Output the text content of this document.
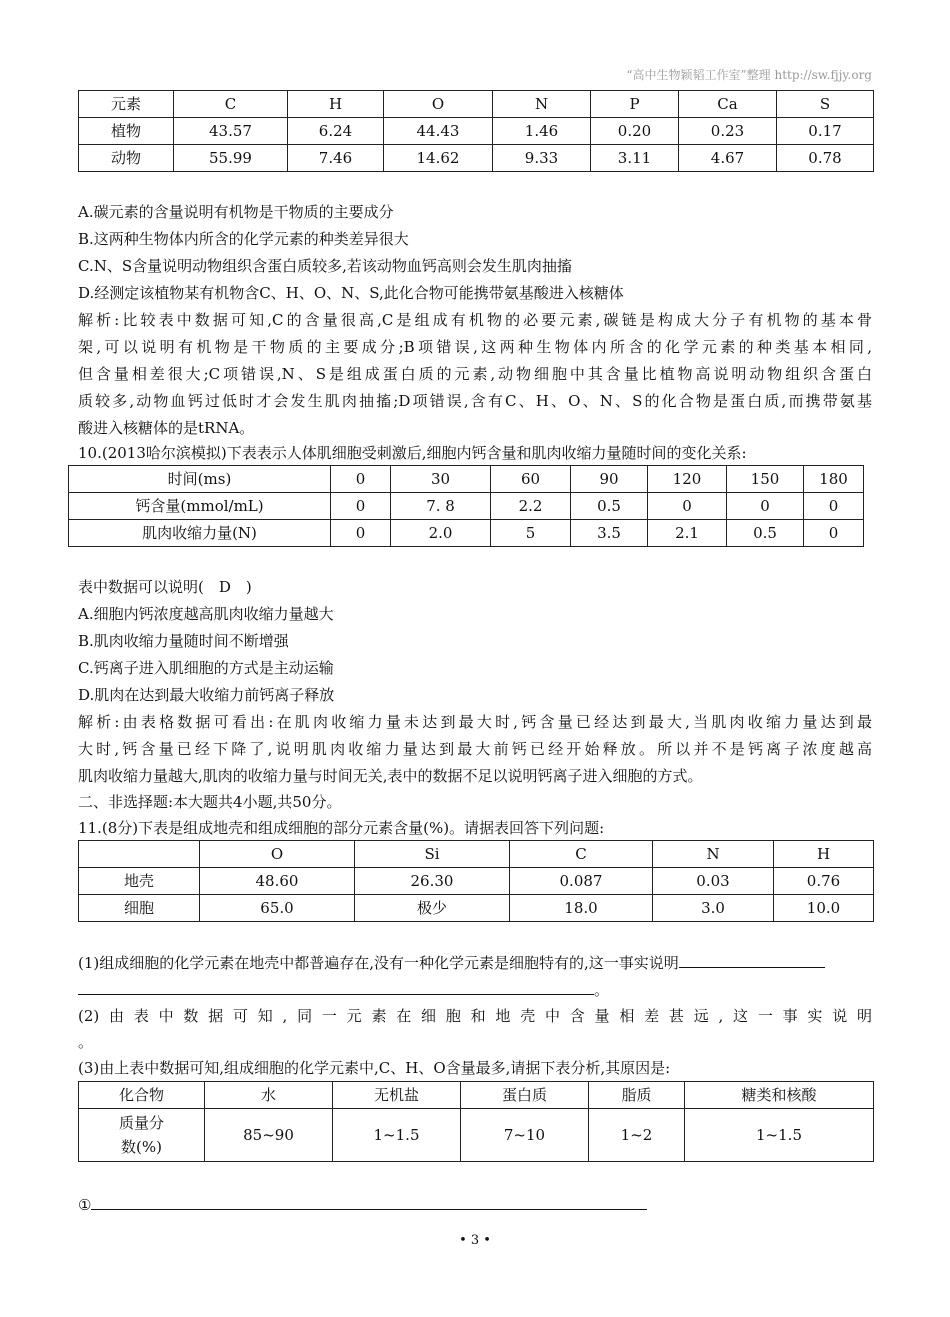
“高中生物颖韬工作室”整理 http://sw.fjjy.org
元素	C	H	O	N	P	Ca	S
植物	43.57	6.24	44.43	1.46	0.20	0.23	0.17
动物	55.99	7.46	14.62	9.33	3.11	4.67	0.78
A.碳元素的含量说明有机物是干物质的主要成分
B.这两种生物体内所含的化学元素的种类差异很大
C.N、S含量说明动物组织含蛋白质较多,若该动物血钙高则会发生肌肉抽搐
D.经测定该植物某有机物含C、H、O、N、S,此化合物可能携带氨基酸进入核糖体
解析:比较表中数据可知,C的含量很高,C是组成有机物的必要元素,碳链是构成大分子有机物的基本骨
架,可以说明有机物是干物质的主要成分;B项错误,这两种生物体内所含的化学元素的种类基本相同,
但含量相差很大;C项错误,N、S是组成蛋白质的元素,动物细胞中其含量比植物高说明动物组织含蛋白
质较多,动物血钙过低时才会发生肌肉抽搐;D项错误,含有C、H、O、N、S的化合物是蛋白质,而携带氨基
酸进入核糖体的是tRNA。
10.(2013哈尔滨模拟)下表表示人体肌细胞受刺激后,细胞内钙含量和肌肉收缩力量随时间的变化关系:
时间(ms)	0	30	60	90	120	150	180
钙含量(mmol/mL)	0	7. 8	2.2	0.5	0	0	0
肌肉收缩力量(N)	0	2.0	5	3.5	2.1	0.5	0
表中数据可以说明(　D　)
A.细胞内钙浓度越高肌肉收缩力量越大
B.肌肉收缩力量随时间不断增强
C.钙离子进入肌细胞的方式是主动运输
D.肌肉在达到最大收缩力前钙离子释放
解析:由表格数据可看出:在肌肉收缩力量未达到最大时,钙含量已经达到最大,当肌肉收缩力量达到最
大时,钙含量已经下降了,说明肌肉收缩力量达到最大前钙已经开始释放。所以并不是钙离子浓度越高
肌肉收缩力量越大,肌肉的收缩力量与时间无关,表中的数据不足以说明钙离子进入细胞的方式。
二、非选择题:本大题共4小题,共50分。
11.(8分)下表是组成地壳和组成细胞的部分元素含量(%)。请据表回答下列问题:
	O	Si	C	N	H
地壳	48.60	26.30	0.087	0.03	0.76
细胞	65.0	极少	18.0	3.0	10.0
(1)组成细胞的化学元素在地壳中都普遍存在,没有一种化学元素是细胞特有的,这一事实说明
。
(2)由表中数据可知,同一元素在细胞和地壳中含量相差甚远,这一事实说明
。
(3)由上表中数据可知,组成细胞的化学元素中,C、H、O含量最多,请据下表分析,其原因是:
化合物	水	无机盐	蛋白质	脂质	糖类和核酸

质量分
数(%)	85~90	1~1.5	7~10	1~2	1~1.5
①
• 3 •
